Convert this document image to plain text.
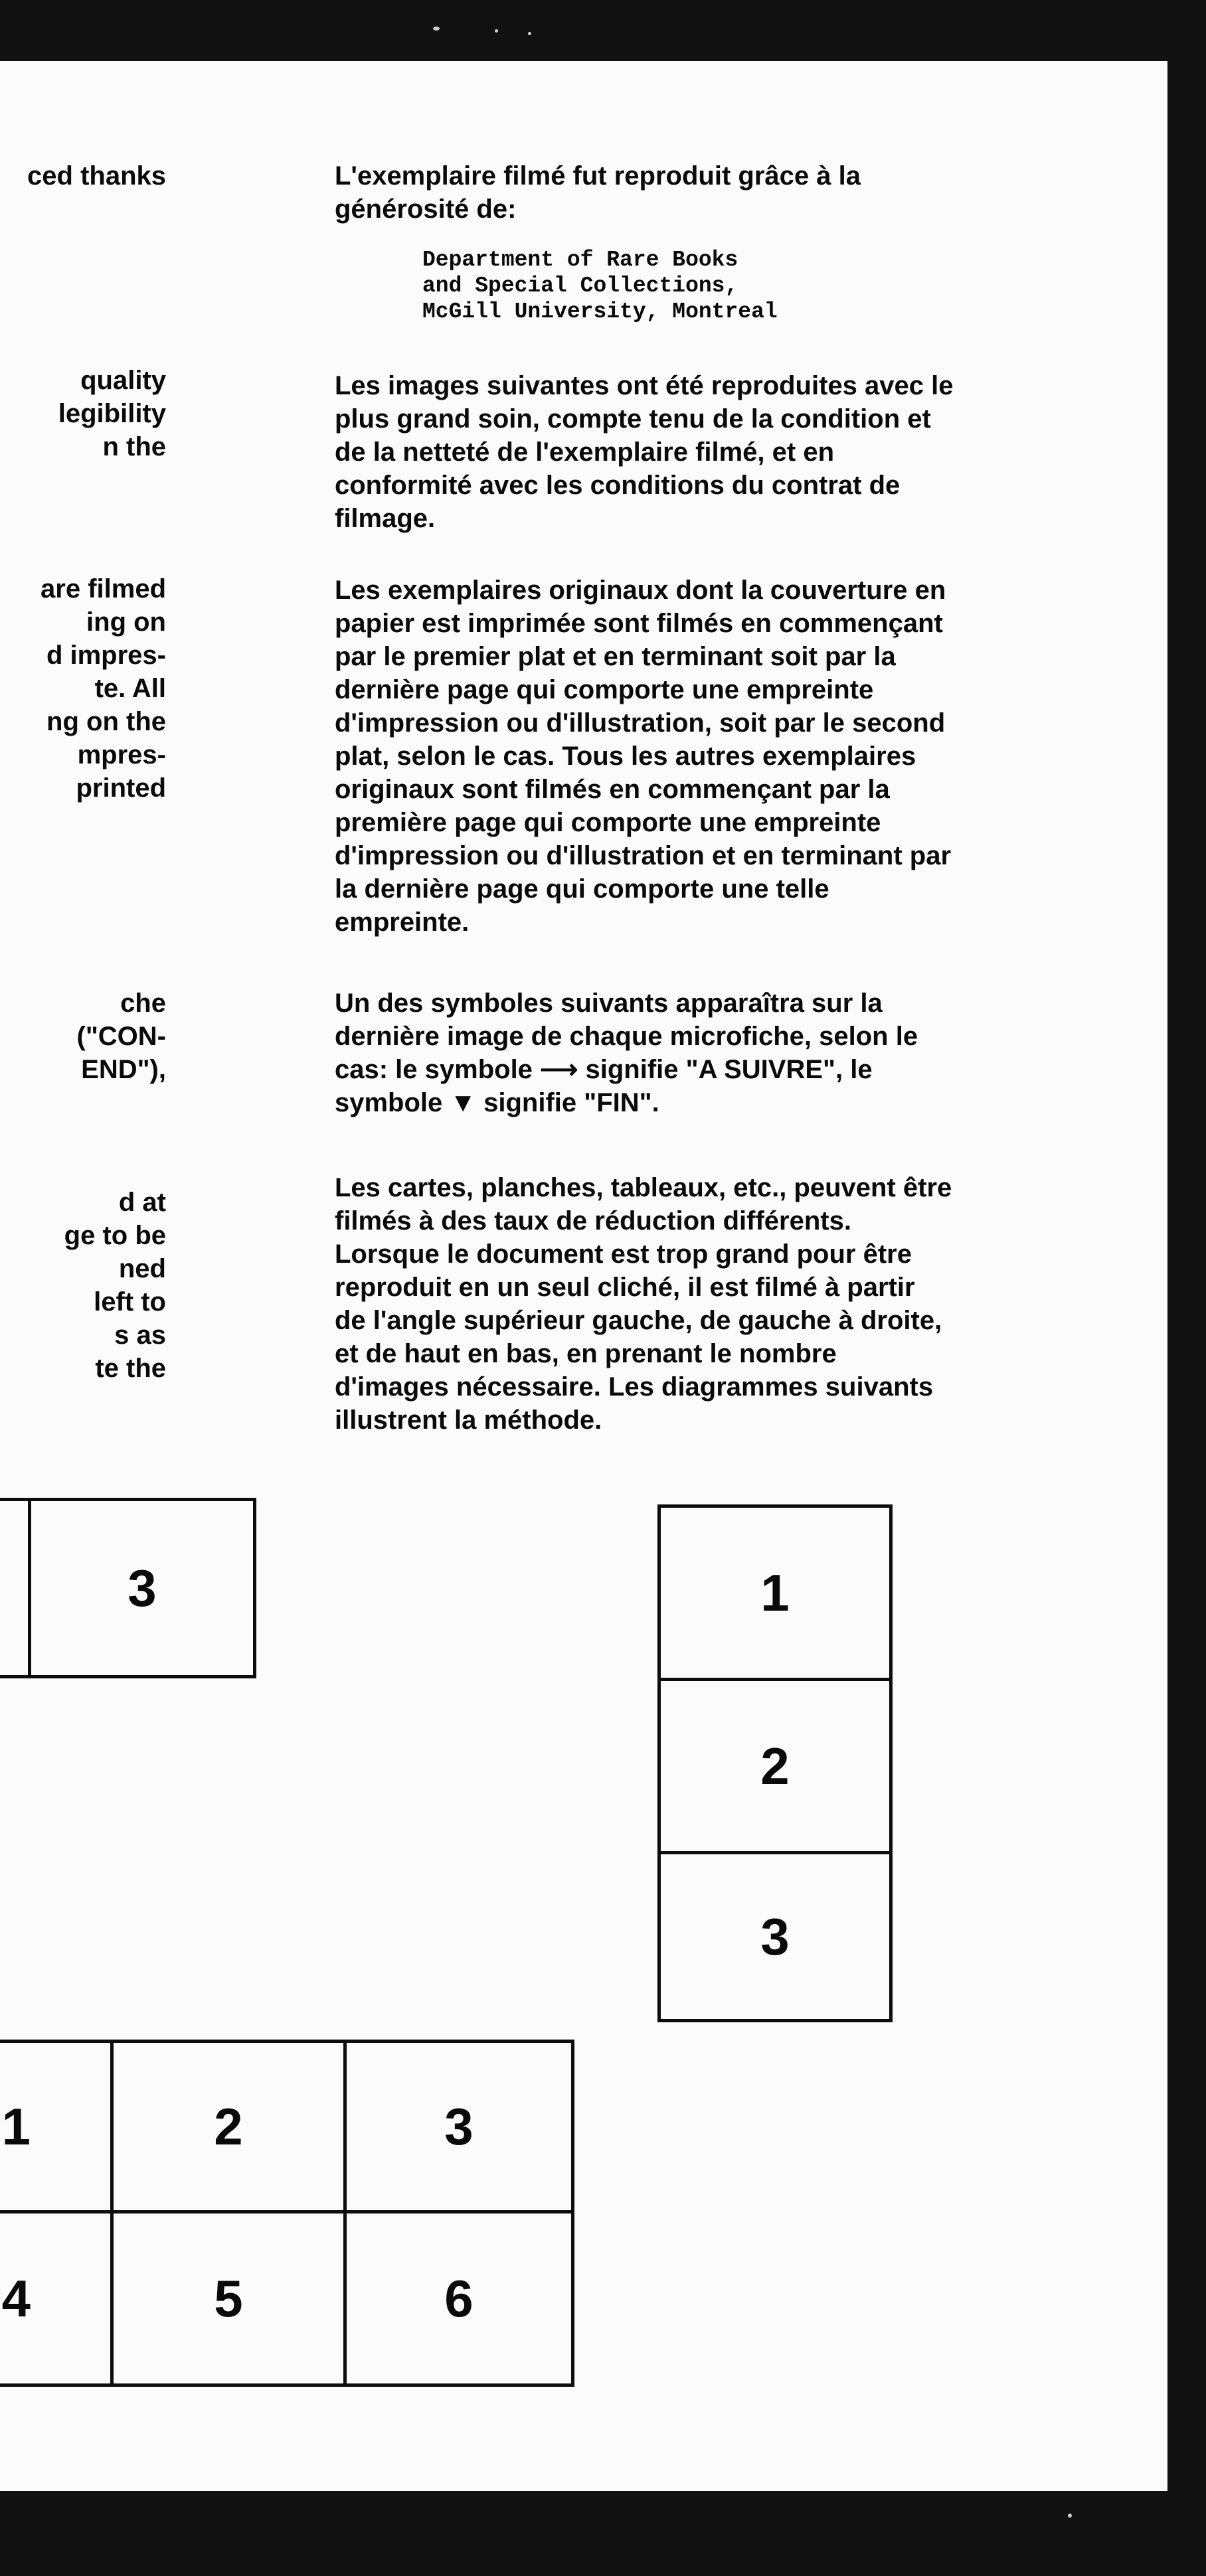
ced thanks
quality
legibility
n the
are filmed
ing on
d impres-
te. All
ng on the
mpres-
printed
che
("CON-
END"),
d at
ge to be
ned
left to
s as
te the
L'exemplaire filmé fut reproduit grâce à la
générosité de:
Department of Rare Books
and Special Collections,
McGill University, Montreal
Les images suivantes ont été reproduites avec le
plus grand soin, compte tenu de la condition et
de la netteté de l'exemplaire filmé, et en
conformité avec les conditions du contrat de
filmage.
Les exemplaires originaux dont la couverture en
papier est imprimée sont filmés en commençant
par le premier plat et en terminant soit par la
dernière page qui comporte une empreinte
d'impression ou d'illustration, soit par le second
plat, selon le cas. Tous les autres exemplaires
originaux sont filmés en commençant par la
première page qui comporte une empreinte
d'impression ou d'illustration et en terminant par
la dernière page qui comporte une telle
empreinte.
Un des symboles suivants apparaîtra sur la
dernière image de chaque microfiche, selon le
cas: le symbole ⟶ signifie "A SUIVRE", le
symbole ▼ signifie "FIN".
Les cartes, planches, tableaux, etc., peuvent être
filmés à des taux de réduction différents.
Lorsque le document est trop grand pour être
reproduit en un seul cliché, il est filmé à partir
de l'angle supérieur gauche, de gauche à droite,
et de haut en bas, en prenant le nombre
d'images nécessaire. Les diagrammes suivants
illustrent la méthode.
3	1
2
3
1	2	3
4	5	6
